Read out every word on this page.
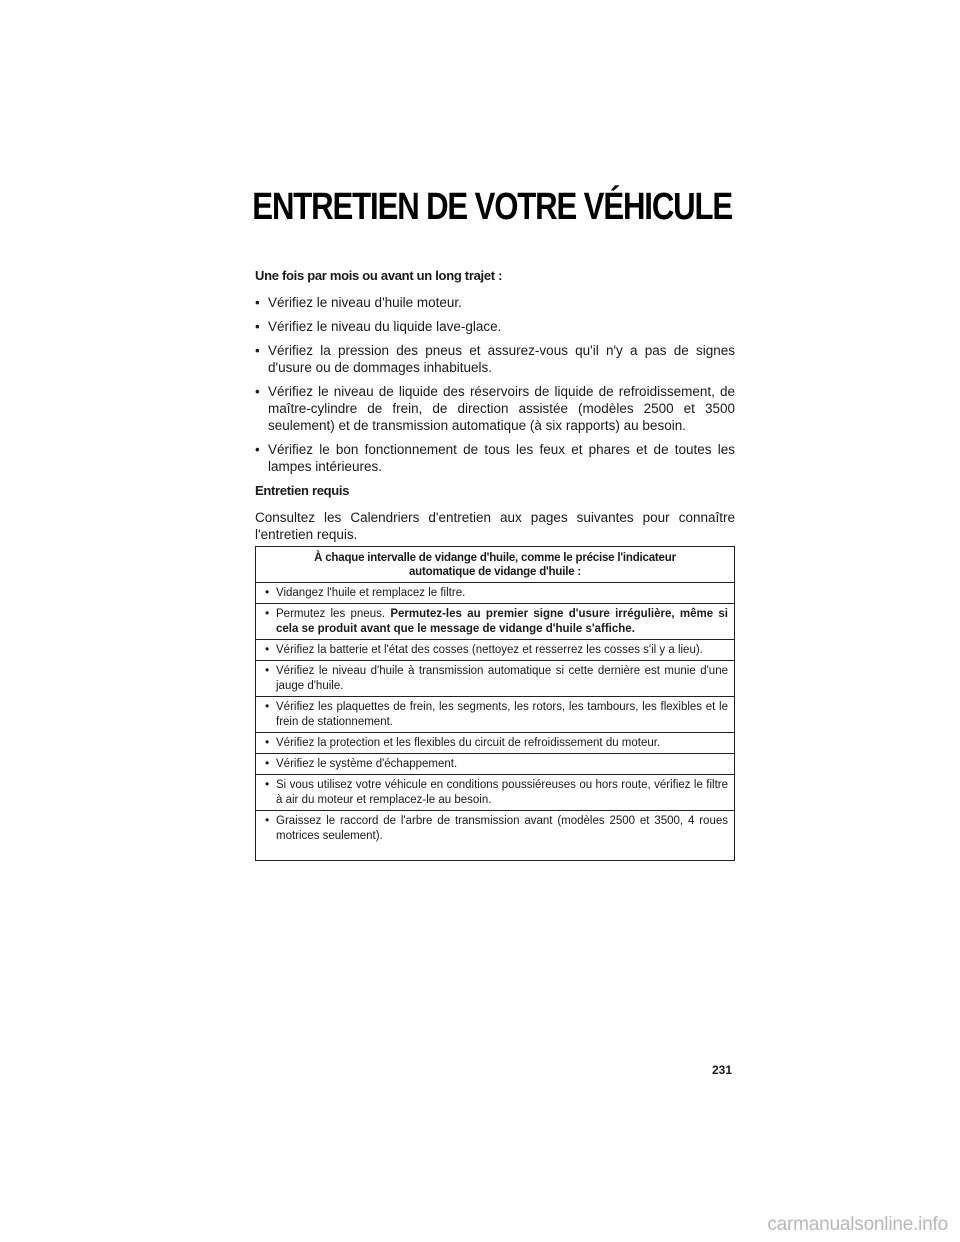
ENTRETIEN DE VOTRE VÉHICULE
Une fois par mois ou avant un long trajet :
• Vérifiez le niveau d'huile moteur.
• Vérifiez le niveau du liquide lave-glace.
• Vérifiez la pression des pneus et assurez-vous qu'il n'y a pas de signes d'usure ou de dommages inhabituels.
• Vérifiez le niveau de liquide des réservoirs de liquide de refroidissement, de maître-cylindre de frein, de direction assistée (modèles 2500 et 3500 seulement) et de transmission automatique (à six rapports) au besoin.
• Vérifiez le bon fonctionnement de tous les feux et phares et de toutes les lampes intérieures.
Entretien requis

Consultez les Calendriers d'entretien aux pages suivantes pour connaître l'entretien requis.

À chaque intervalle de vidange d'huile, comme le précise l'indicateur automatique de vidange d'huile :
• Vidangez l'huile et remplacez le filtre.
• Permutez les pneus. Permutez-les au premier signe d'usure irrégulière, même si cela se produit avant que le message de vidange d'huile s'affiche.
• Vérifiez la batterie et l'état des cosses (nettoyez et resserrez les cosses s'il y a lieu).
• Vérifiez le niveau d'huile à transmission automatique si cette dernière est munie d'une jauge d'huile.
• Vérifiez les plaquettes de frein, les segments, les rotors, les tambours, les flexibles et le frein de stationnement.
• Vérifiez la protection et les flexibles du circuit de refroidissement du moteur.
• Vérifiez le système d'échappement.
• Si vous utilisez votre véhicule en conditions poussiéreuses ou hors route, vérifiez le filtre à air du moteur et remplacez-le au besoin.
• Graissez le raccord de l'arbre de transmission avant (modèles 2500 et 3500, 4 roues motrices seulement).
231
carmanualsonline.info
